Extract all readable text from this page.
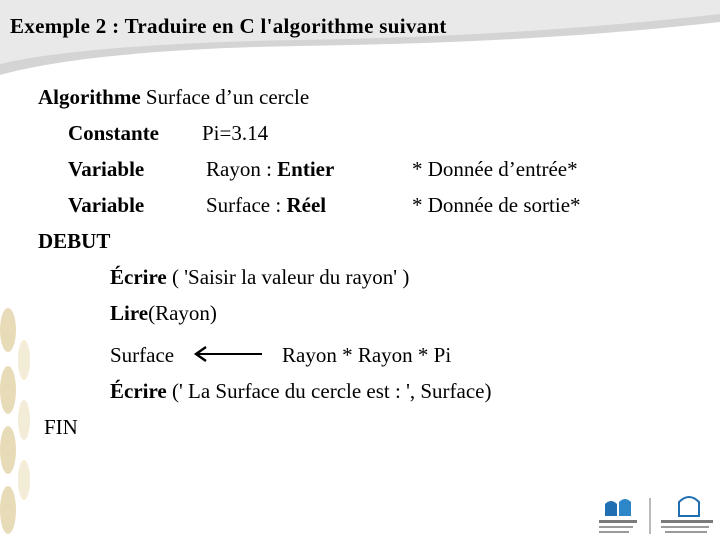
Exemple 2 : Traduire en C l'algorithme suivant
Algorithme Surface d’un cercle
Constante Pi=3.14
Variable	Rayon : Entier	* Donnée d’entrée*
Variable	Surface : Réel	* Donnée de sortie*
DEBUT
Écrire ( 'Saisir la valeur du rayon' )
Lire(Rayon)
Surface	Rayon * Rayon * Pi
Écrire (' La Surface du cercle est : ', Surface)
FIN
